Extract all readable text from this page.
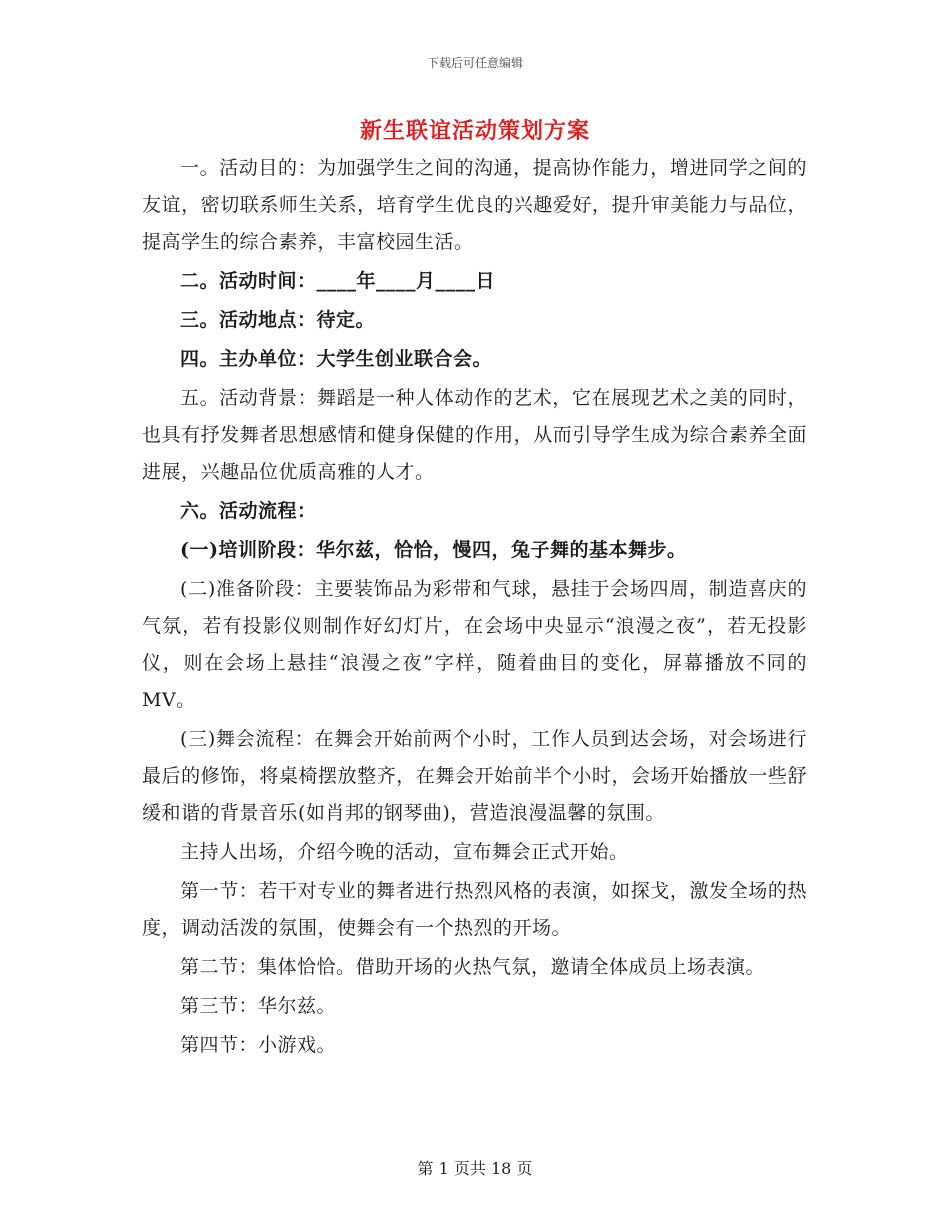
下载后可任意编辑
新生联谊活动策划方案

一。活动目的：为加强学生之间的沟通，提高协作能力，增进同学之间的友谊，密切联系师生关系，培育学生优良的兴趣爱好，提升审美能力与品位，提高学生的综合素养，丰富校园生活。

二。活动时间：____年____月____日

三。活动地点：待定。

四。主办单位：大学生创业联合会。

五。活动背景：舞蹈是一种人体动作的艺术，它在展现艺术之美的同时，也具有抒发舞者思想感情和健身保健的作用，从而引导学生成为综合素养全面进展，兴趣品位优质高雅的人才。

六。活动流程：

(一)培训阶段：华尔兹，恰恰，慢四，兔子舞的基本舞步。

(二)准备阶段：主要装饰品为彩带和气球，悬挂于会场四周，制造喜庆的气氛，若有投影仪则制作好幻灯片，在会场中央显示“浪漫之夜”，若无投影仪，则在会场上悬挂“浪漫之夜”字样，随着曲目的变化，屏幕播放不同的MV。

(三)舞会流程：在舞会开始前两个小时，工作人员到达会场，对会场进行最后的修饰，将桌椅摆放整齐，在舞会开始前半个小时，会场开始播放一些舒缓和谐的背景音乐(如肖邦的钢琴曲)，营造浪漫温馨的氛围。

主持人出场，介绍今晚的活动，宣布舞会正式开始。

第一节：若干对专业的舞者进行热烈风格的表演，如探戈，激发全场的热度，调动活泼的氛围，使舞会有一个热烈的开场。

第二节：集体恰恰。借助开场的火热气氛，邀请全体成员上场表演。

第三节：华尔兹。

第四节：小游戏。

第 1 页共 18 页
